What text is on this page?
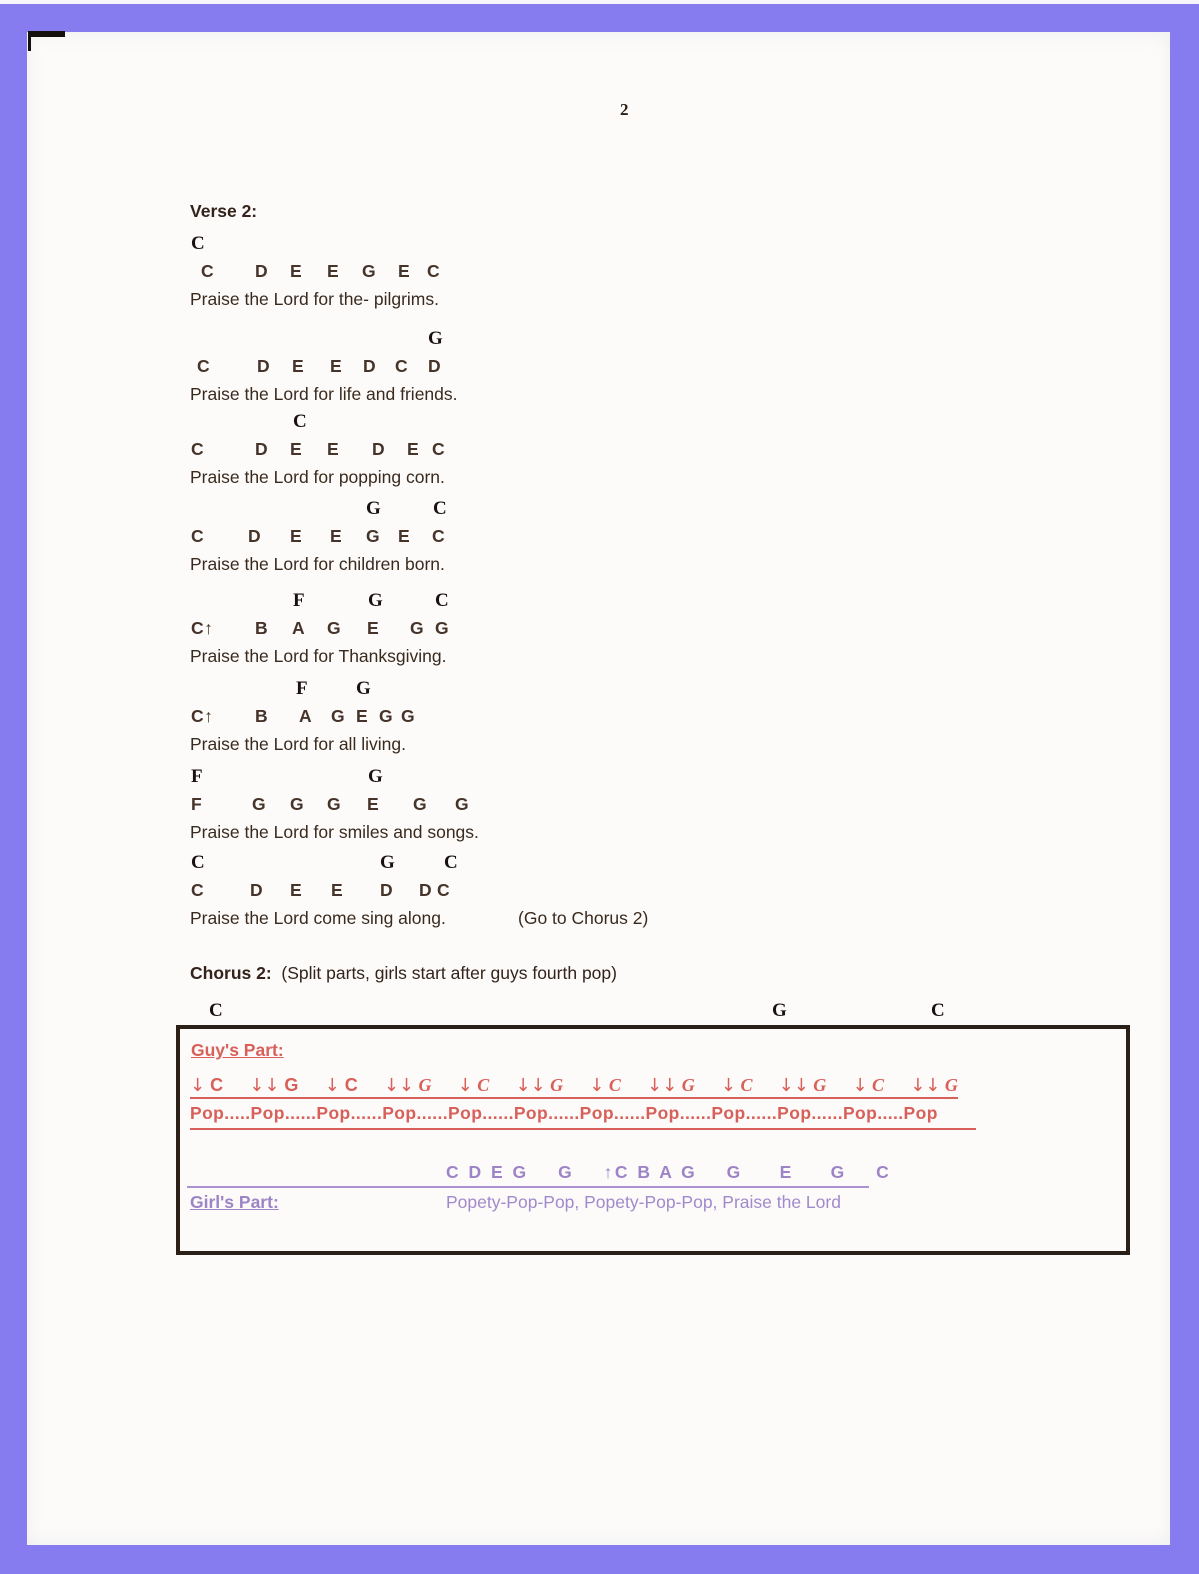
2
Verse 2:
C
C D E E G E C
Praise the Lord for the- pilgrims.
G
C	D E E D C D
Praise the Lord for life and friends.
C
C	D E E D E C
Praise the Lord for popping corn.
G	C
C	D E E G E C
Praise the Lord for children born.
F	G	C
C↑ B A G E G G
Praise the Lord for Thanksgiving.
F	G
C↑ B A G E G G
Praise the Lord for all living.
F	G
F	G G G E G G
Praise the Lord for smiles and songs.
C	G	C
C	D E E D D C
Praise the Lord come sing along.	(Go to Chorus 2)
C	G	C
Chorus 2: (Split parts, girls start after guys fourth pop)
Guy's Part:
↓ C ↓↓ G ↓ C ↓↓ G ↓ C ↓↓ G ↓ C ↓↓ G ↓ C ↓↓ G ↓ C ↓↓ G
Pop.....Pop......Pop......Pop......Pop......Pop......Pop......Pop......Pop......Pop......Pop.....Pop
C D E G    G    ↑C B A G    G     E     G    C
Girl's Part:	Popety-Pop-Pop, Popety-Pop-Pop, Praise the Lord
